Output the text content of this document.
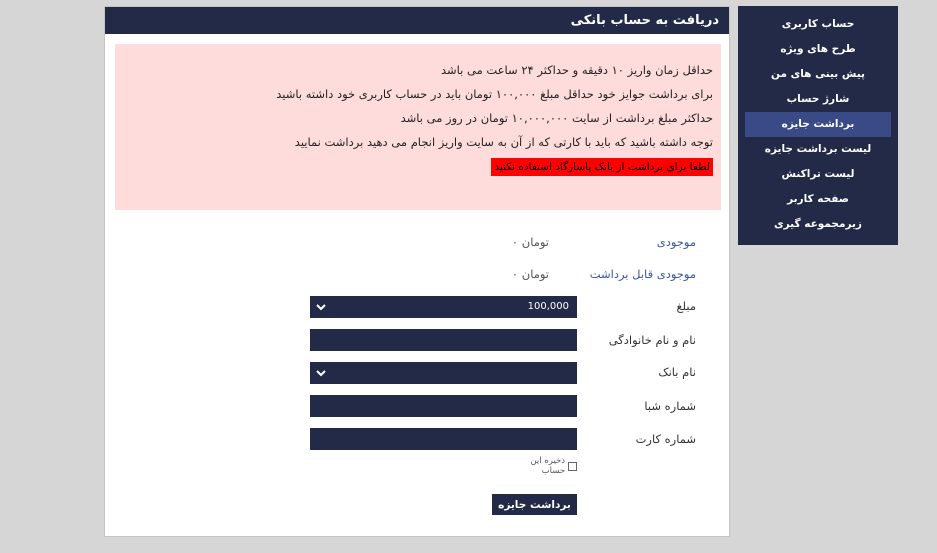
حساب کاربری
طرح های ویژه
پیش بینی های من
شارژ حساب
برداشت جایزه
لیست برداشت جایزه
لیست تراکنش
صفحه کاربر
زیرمجموعه گیری
دریافت به حساب بانکی
حداقل زمان واریز ۱۰ دقیقه و حداکثر ۲۴ ساعت می باشد
برای برداشت جوایز خود حداقل مبلغ ۱۰۰,۰۰۰ تومان باید در حساب کاربری خود داشته باشید
حداکثر مبلغ برداشت از سایت ۱۰,۰۰۰,۰۰۰ تومان در روز می باشد
توجه داشته باشید که باید با کارتی که از آن به سایت واریز انجام می دهید برداشت نمایید
لطفا برای برداشت از بانک پاسارگاد استفاده نکنید
موجودی
تومان ۰
موجودی قابل برداشت
تومان ۰
مبلغ
100,000
نام و نام خانوادگی
نام بانک
شماره شبا
شماره کارت
ذخیره این حساب
برداشت جایزه
